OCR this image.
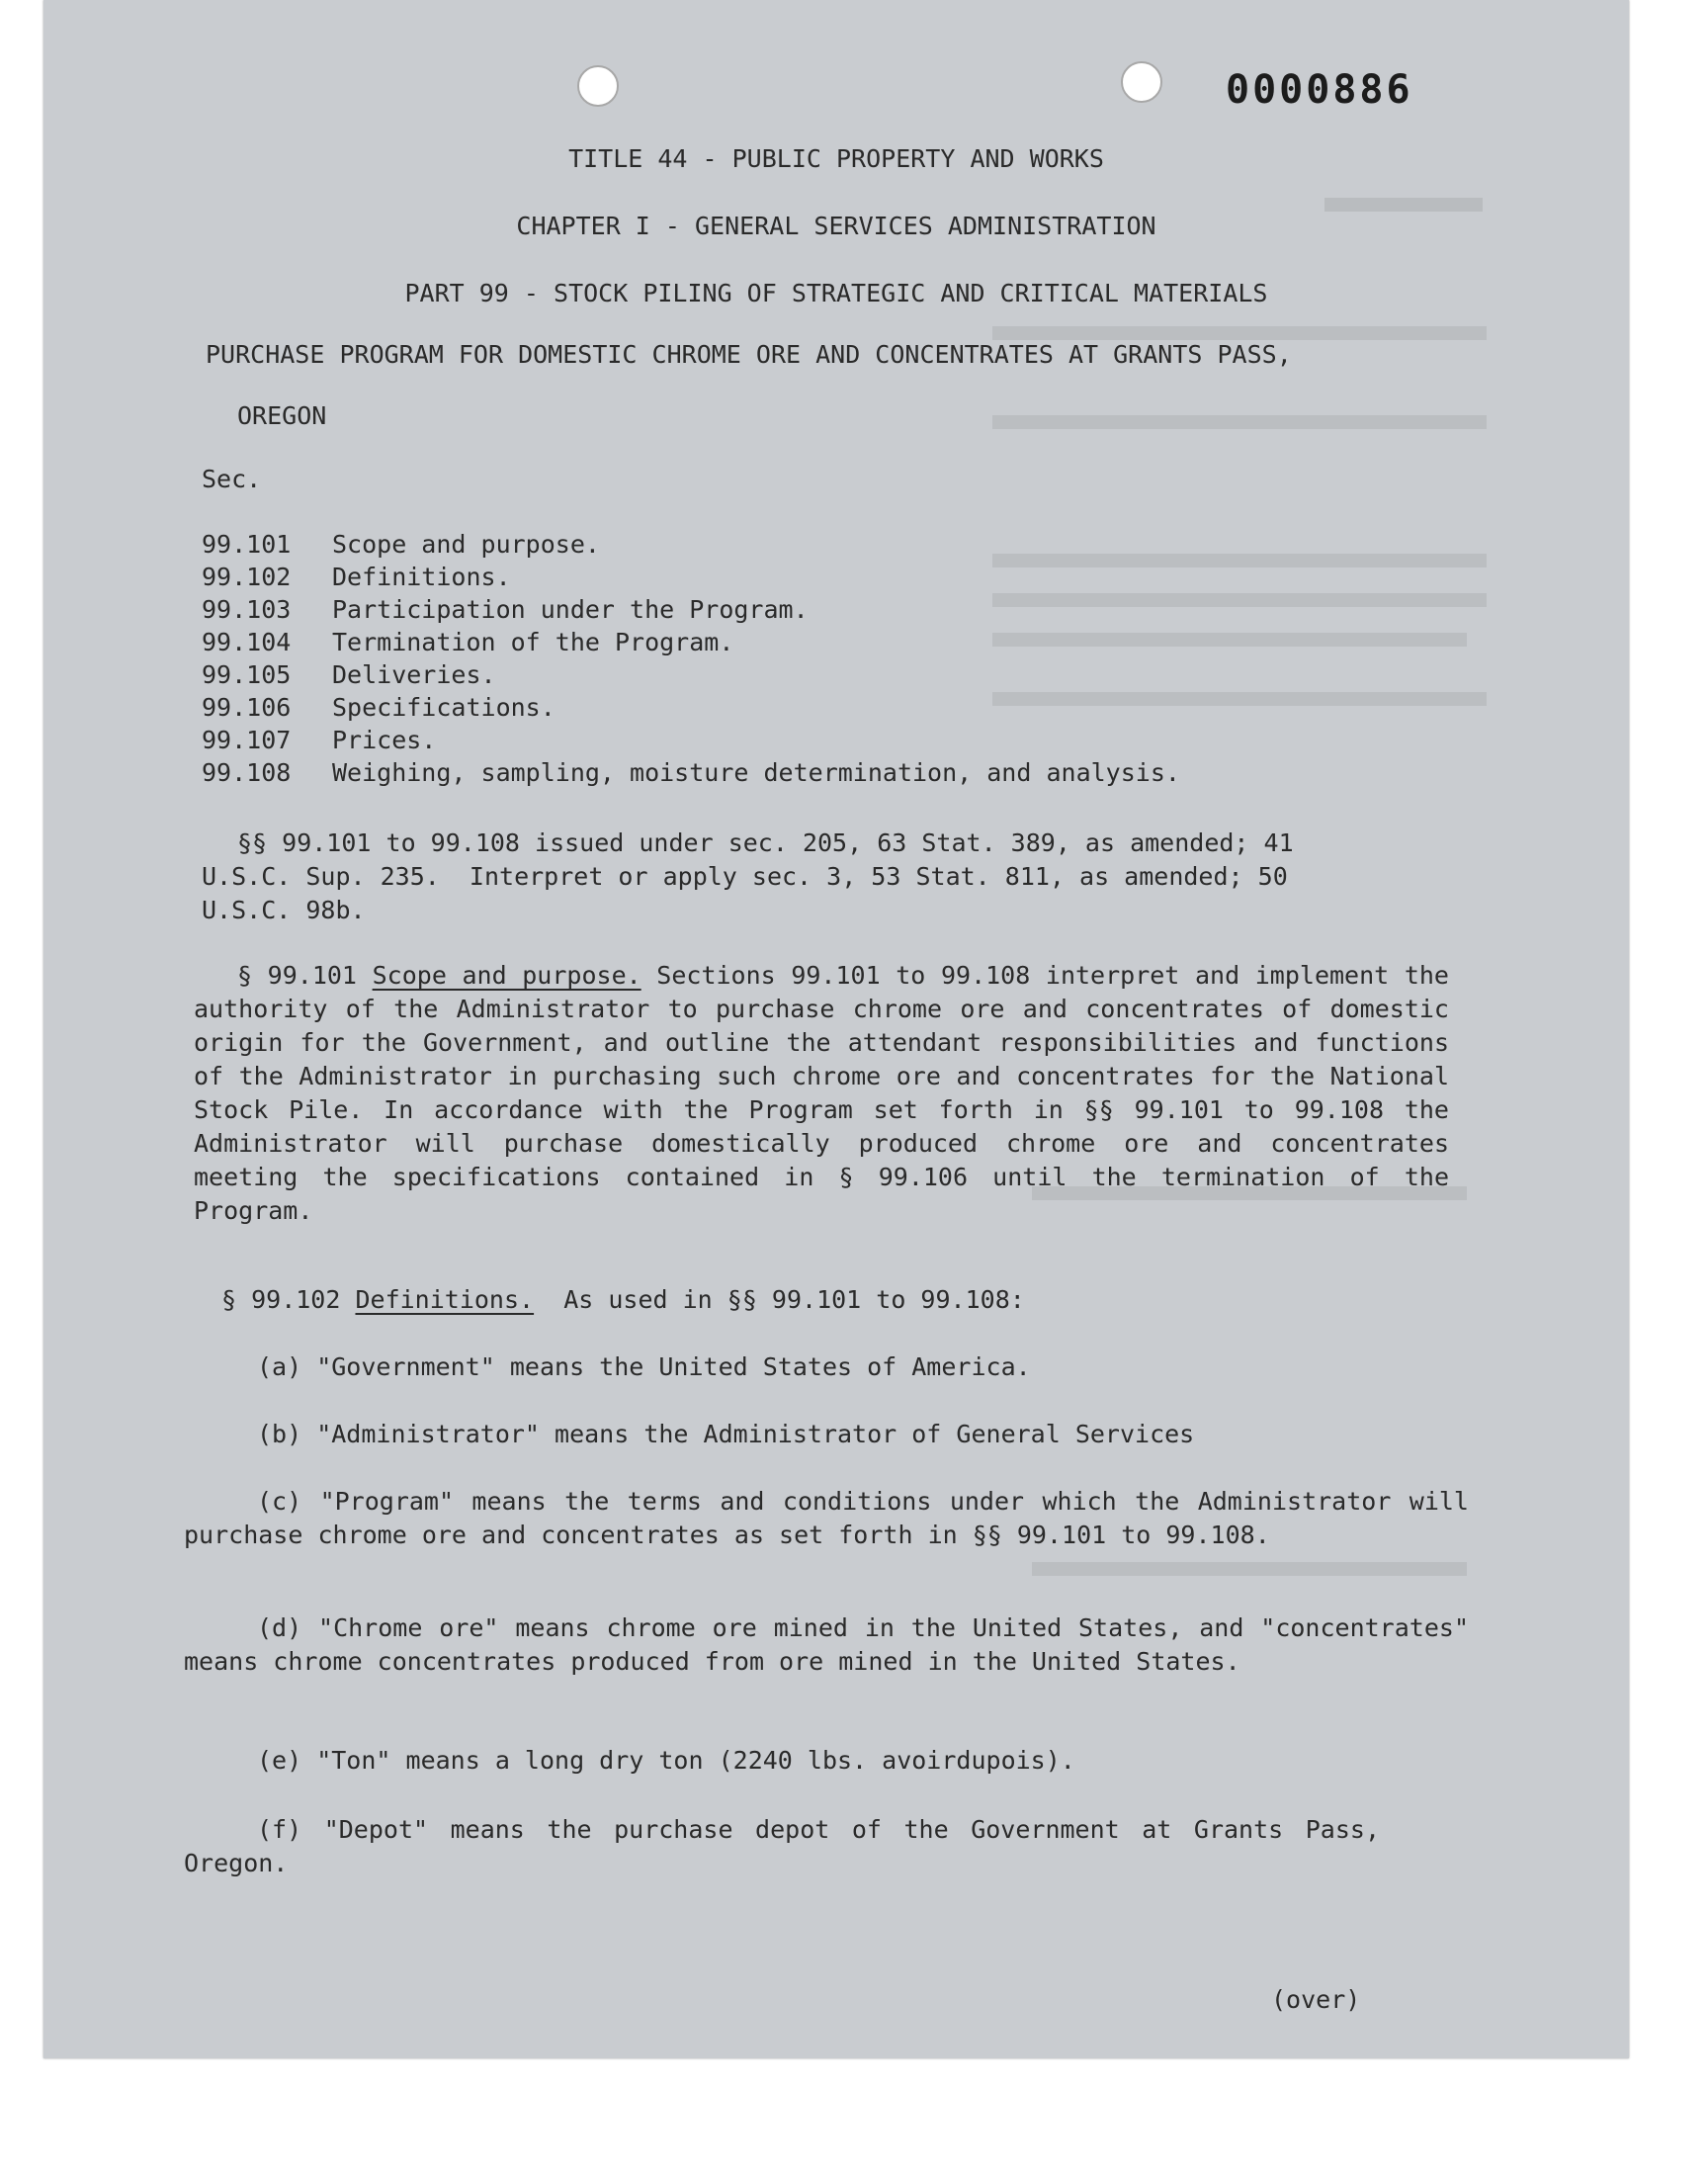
0000886
TITLE 44 - PUBLIC PROPERTY AND WORKS
CHAPTER I - GENERAL SERVICES ADMINISTRATION
PART 99 - STOCK PILING OF STRATEGIC AND CRITICAL MATERIALS
PURCHASE PROGRAM FOR DOMESTIC CHROME ORE AND CONCENTRATES AT GRANTS PASS,
OREGON
Sec.
99.101 Scope and purpose.
99.102 Definitions.
99.103 Participation under the Program.
99.104 Termination of the Program.
99.105 Deliveries.
99.106 Specifications.
99.107 Prices.
99.108 Weighing, sampling, moisture determination, and analysis.
§§ 99.101 to 99.108 issued under sec. 205, 63 Stat. 389, as amended; 41
U.S.C. Sup. 235.  Interpret or apply sec. 3, 53 Stat. 811, as amended; 50
U.S.C. 98b.
§ 99.101 Scope and purpose. Sections 99.101 to 99.108 interpret and implement the authority of the Administrator to purchase chrome ore and concentrates of domestic origin for the Government, and outline the attendant responsibilities and functions of the Administrator in purchasing such chrome ore and concentrates for the National Stock Pile. In accordance with the Program set forth in §§ 99.101 to 99.108 the Administrator will purchase domestically produced chrome ore and concentrates meeting the specifications contained in § 99.106 until the termination of the Program.
§ 99.102 Definitions. As used in §§ 99.101 to 99.108:
(a) "Government" means the United States of America.
(b) "Administrator" means the Administrator of General Services
(c) "Program" means the terms and conditions under which the Administrator will purchase chrome ore and concentrates as set forth in §§ 99.101 to 99.108.
(d) "Chrome ore" means chrome ore mined in the United States, and "concentrates" means chrome concentrates produced from ore mined in the United States.
(e) "Ton" means a long dry ton (2240 lbs. avoirdupois).
(f) "Depot" means the purchase depot of the Government at Grants Pass, Oregon.
(over)
